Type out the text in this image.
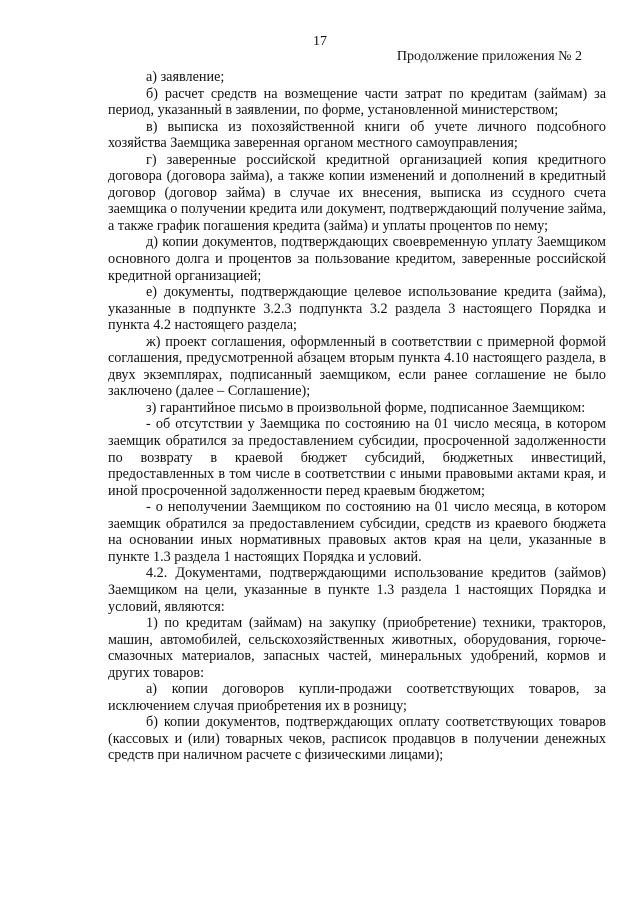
17
Продолжение приложения № 2

а) заявление;

б) расчет средств на возмещение части затрат по кредитам (займам) за период, указанный в заявлении, по форме, установленной министерством;

в) выписка из похозяйственной книги об учете личного подсобного хозяйства Заемщика заверенная органом местного самоуправления;

г) заверенные российской кредитной организацией копия кредитного договора (договора займа), а также копии изменений и дополнений в кредитный договор (договор займа) в случае их внесения, выписка из ссудного счета заемщика о получении кредита или документ, подтверждающий получение займа, а также график погашения кредита (займа) и уплаты процентов по нему;

д) копии документов, подтверждающих своевременную уплату Заемщиком основного долга и процентов за пользование кредитом, заверенные российской кредитной организацией;

е) документы, подтверждающие целевое использование кредита (займа), указанные в подпункте 3.2.3 подпункта 3.2 раздела 3 настоящего Порядка и пункта 4.2 настоящего раздела;

ж) проект соглашения, оформленный в соответствии с примерной формой соглашения, предусмотренной абзацем вторым пункта 4.10 настоящего раздела, в двух экземплярах, подписанный заемщиком, если ранее соглашение не было заключено (далее – Соглашение);

з) гарантийное письмо в произвольной форме, подписанное Заемщиком:

- об отсутствии у Заемщика по состоянию на 01 число месяца, в котором заемщик обратился за предоставлением субсидии, просроченной задолженности по возврату в краевой бюджет субсидий, бюджетных инвестиций, предоставленных в том числе в соответствии с иными правовыми актами края, и иной просроченной задолженности перед краевым бюджетом;

- о неполучении Заемщиком по состоянию на 01 число месяца, в котором заемщик обратился за предоставлением субсидии, средств из краевого бюджета на основании иных нормативных правовых актов края на цели, указанные в пункте 1.3 раздела 1 настоящих Порядка и условий.

4.2. Документами, подтверждающими использование кредитов (займов) Заемщиком на цели, указанные в пункте 1.3 раздела 1 настоящих Порядка и условий, являются:

1) по кредитам (займам) на закупку (приобретение) техники, тракторов, машин, автомобилей, сельскохозяйственных животных, оборудования, горюче-смазочных материалов, запасных частей, минеральных удобрений, кормов и других товаров:

а) копии договоров купли-продажи соответствующих товаров, за исключением случая приобретения их в розницу;

б) копии документов, подтверждающих оплату соответствующих товаров (кассовых и (или) товарных чеков, расписок продавцов в получении денежных средств при наличном расчете с физическими лицами);
